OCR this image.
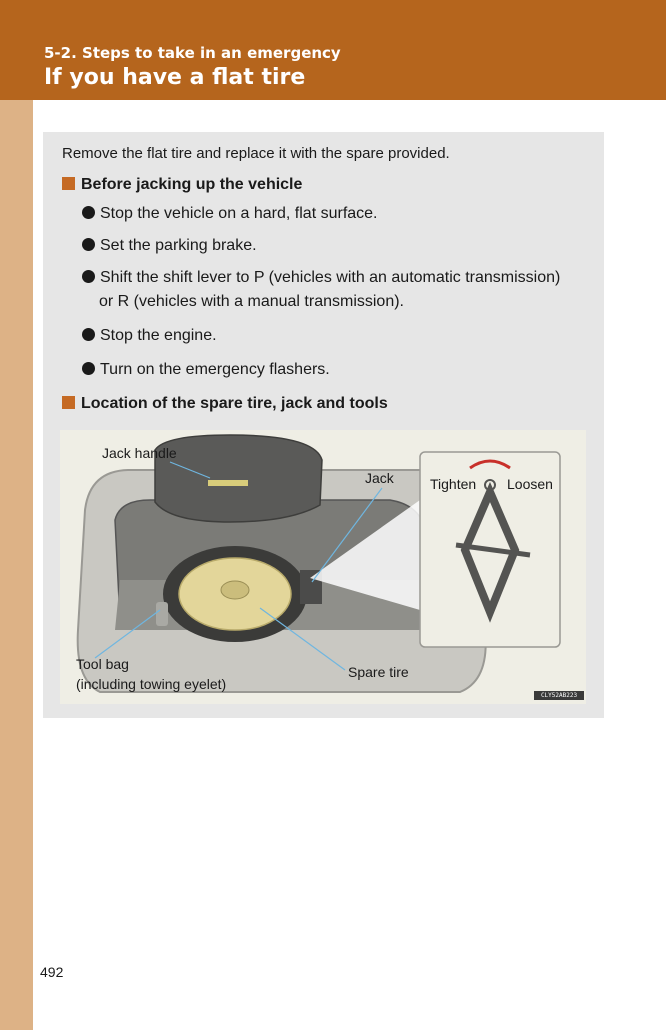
5-2. Steps to take in an emergency
If you have a flat tire
Remove the flat tire and replace it with the spare provided.
Before jacking up the vehicle
Stop the vehicle on a hard, flat surface.
Set the parking brake.
Shift the shift lever to P (vehicles with an automatic transmission)
or R (vehicles with a manual transmission).
Stop the engine.
Turn on the emergency flashers.
Location of the spare tire, jack and tools
Jack handle
Jack	Tighten Loosen
Tool bag
(including towing eyelet)
Spare tire
CLY52AB223
492
